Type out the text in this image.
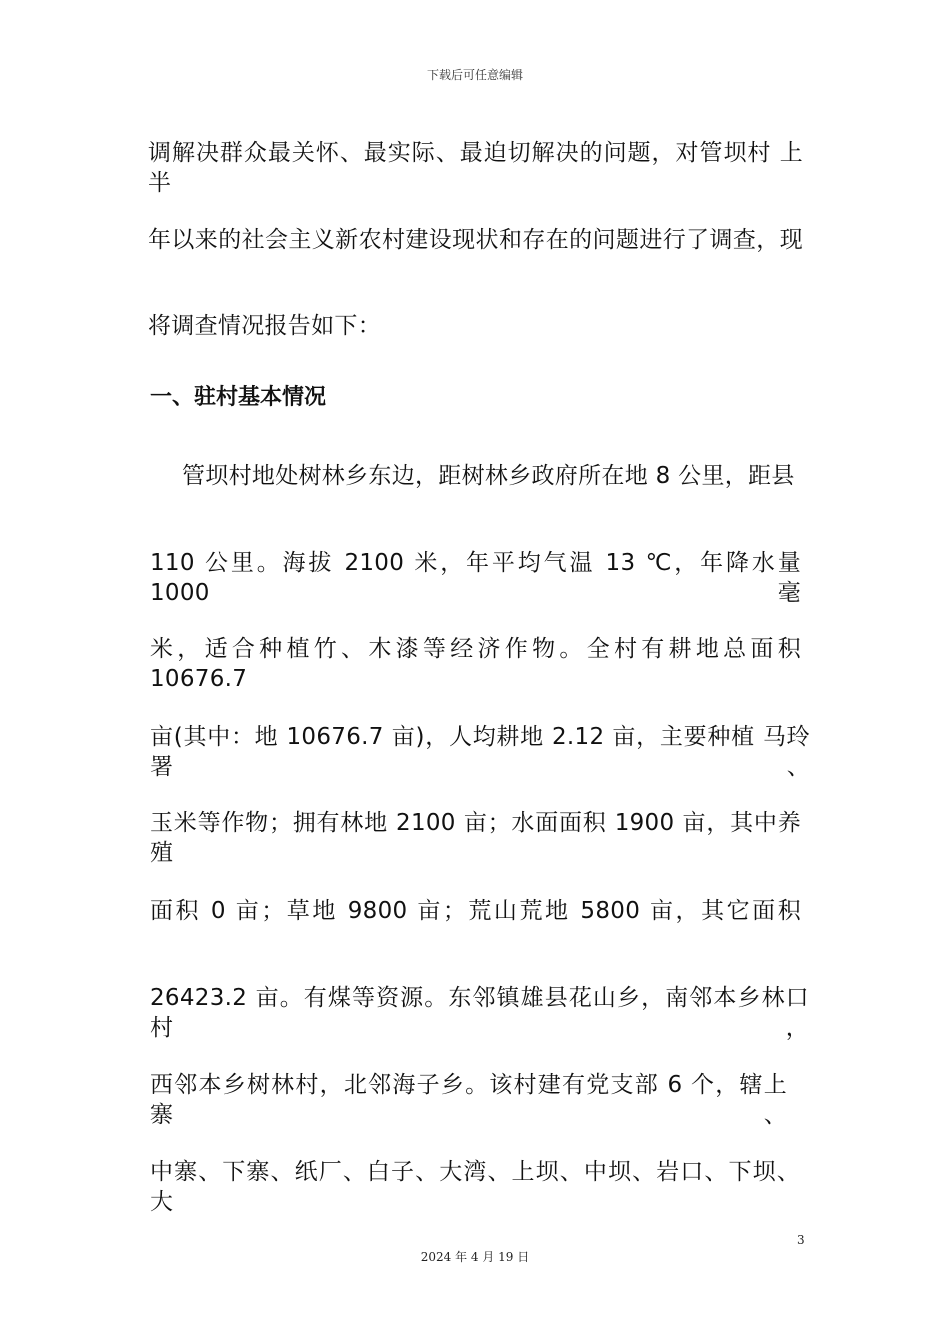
下载后可任意编辑
调解决群众最关怀、最实际、最迫切解决的问题，对管坝村 上半
年以来的社会主义新农村建设现状和存在的问题进行了调查，现
将调查情况报告如下：
一、驻村基本情况
管坝村地处树林乡东边，距树林乡政府所在地 8 公里，距县
110 公里。海拔 2100 米，年平均气温 13 ℃，年降水量 1000 毫
米，适合种植竹、木漆等经济作物。全村有耕地总面积 10676.7
亩(其中：地 10676.7 亩)，人均耕地 2.12 亩，主要种植 马玲署、
玉米等作物；拥有林地 2100 亩；水面面积 1900 亩，其中养殖
面积 0 亩；草地 9800 亩；荒山荒地 5800 亩，其它面积
26423.2 亩。有煤等资源。东邻镇雄县花山乡，南邻本乡林口村，
西邻本乡树林村，北邻海子乡。该村建有党支部 6 个，辖上寨、
中寨、下寨、纸厂、白子、大湾、上坝、中坝、岩口、下坝、大
3
2024 年 4 月 19 日
